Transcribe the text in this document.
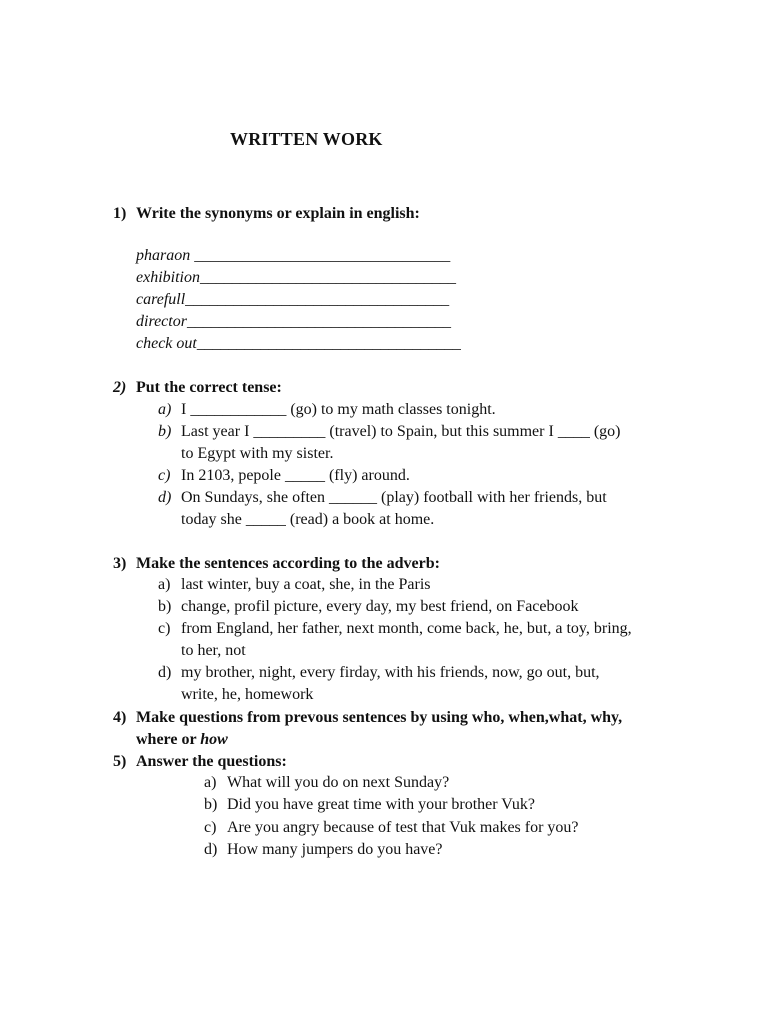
WRITTEN WORK
1) Write the synonyms or explain in english:
pharaon ________________________________
exhibition________________________________
carefull_________________________________
director_________________________________
check out_________________________________
2) Put the correct tense:
a) I ____________ (go) to my math classes tonight.
b) Last year I _________ (travel) to Spain, but this summer I ____ (go)
to Egypt with my sister.
c) In 2103, pepole _____ (fly) around.
d) On Sundays, she often ______ (play) football with her friends, but
today she _____ (read) a book at home.
3) Make the sentences according to the adverb:
a) last winter, buy a coat, she, in the Paris
b) change, profil picture, every day, my best friend, on Facebook
c) from England, her father, next month, come back, he, but, a toy, bring,
to her, not
d) my brother, night, every firday, with his friends, now, go out, but,
write, he, homework
4) Make questions from prevous sentences by using who, when,what, why,
where or how
5) Answer the questions:
a) What will you do on next Sunday?
b) Did you have great time with your brother Vuk?
c) Are you angry because of test that Vuk makes for you?
d) How many jumpers do you have?
